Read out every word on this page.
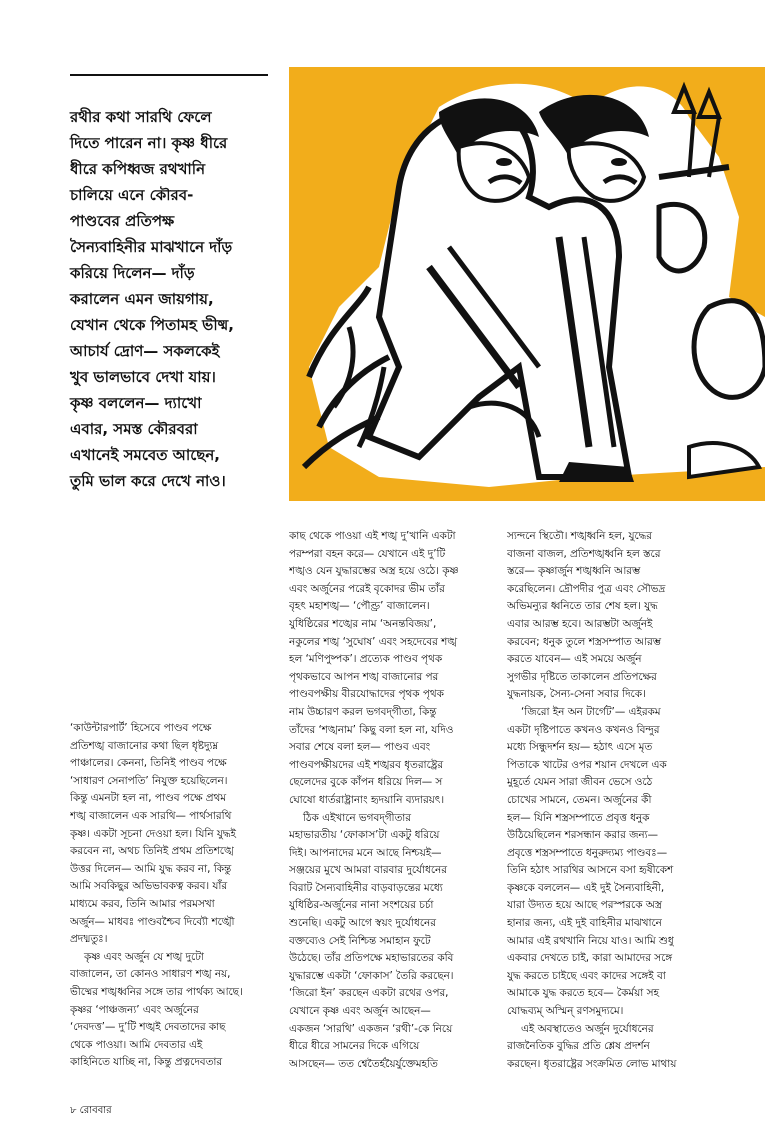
রথীর কথা সারথি ফেলে
দিতে পারেন না। কৃষ্ণ ধীরে
ধীরে কপিধ্বজ রথখানি
চালিয়ে এনে কৌরব-
পাণ্ডবের প্রতিপক্ষ
সৈন্যবাহিনীর মাঝখানে দাঁড়
করিয়ে দিলেন— দাঁড়
করালেন এমন জায়গায়,
যেখান থেকে পিতামহ ভীষ্ম,
আচার্য দ্রোণ— সকলকেই
খুব ভালভাবে দেখা যায়।
কৃষ্ণ বললেন— দ্যাখো
এবার, সমস্ত কৌরবরা
এখানেই সমবেত আছেন,
তুমি ভাল করে দেখে নাও।
‘কাউন্টারপার্ট’ হিসেবে পাণ্ডব পক্ষে
প্রতিশঙ্খ বাজানোর কথা ছিল ধৃষ্টদ্যুম্ন
পাঞ্চালের। কেননা, তিনিই পাণ্ডব পক্ষে
‘সাধারণ সেনাপতি’ নিযুক্ত হয়েছিলেন।
কিন্তু এমনটা হল না, পাণ্ডব পক্ষে প্রথম
শঙ্খ বাজালেন এক সারথি— পার্থসারথি
কৃষ্ণ। একটা সূচনা দেওয়া হল। যিনি যুদ্ধই
করবেন না, অথচ তিনিই প্রথম প্রতিশঙ্খে
উত্তর দিলেন— আমি যুদ্ধ করব না, কিন্তু
আমি সবকিছুর অভিভাবকত্ব করব। যাঁর
মাধ্যমে করব, তিনি আমার পরমসখা
অর্জুন— মাধবঃ পাণ্ডবশ্চৈব দিব্যৌ শঙ্খৌ
প্রদধ্মতুঃ।
কৃষ্ণ এবং অর্জুন যে শঙ্খ দুটো
বাজালেন, তা কোনও সাধারণ শঙ্খ নয়,
ভীষ্মের শঙ্খধ্বনির সঙ্গে তার পার্থক্য আছে।
কৃষ্ণর ‘পাঞ্চজন্য’ এবং অর্জুনের
‘দেবদত্ত’— দু’টি শঙ্খই দেবতাদের কাছ
থেকে পাওয়া। আমি দেবতার এই
কাহিনিতে যাচ্ছি না, কিন্তু প্রত্নদেবতার
কাছ থেকে পাওয়া এই শঙ্খ দু’খানি একটা
পরম্পরা বহন করে— যেখানে এই দু’টি
শঙ্খও যেন যুদ্ধারম্ভের অস্ত্র হয়ে ওঠে। কৃষ্ণ
এবং অর্জুনের পরেই বৃকোদর ভীম তাঁর
বৃহৎ মহাশঙ্খ— ‘পৌণ্ড্র’ বাজালেন।
যুধিষ্ঠিরের শঙ্খের নাম ‘অনন্তবিজয়’,
নকুলের শঙ্খ ‘সুঘোষ’ এবং সহদেবের শঙ্খ
হল ‘মণিপুষ্পক’। প্রত্যেক পাণ্ডব পৃথক
পৃথকভাবে আপন শঙ্খ বাজানোর পর
পাণ্ডবপক্ষীয় বীরযোদ্ধাদের পৃথক পৃথক
নাম উচ্চারণ করল ভগবদ্‌গীতা, কিন্তু
তাঁদের ‘শঙ্খনাম’ কিছু বলা হল না, যদিও
সবার শেষে বলা হল— পাণ্ডব এবং
পাণ্ডবপক্ষীয়দের এই শঙ্খরব ধৃতরাষ্ট্রের
ছেলেদের বুকে কাঁপন ধরিয়ে দিল— স
ঘোষো ধার্তরাষ্ট্রানাং হৃদয়ানি ব্যদারয়ৎ।
ঠিক এইখানে ভগবদ্‌গীতার
মহাভারতীয় ‘ফোকাস’টা একটু ধরিয়ে
দিই। আপনাদের মনে আছে নিশ্চয়ই—
সঞ্জয়ের মুখে আমরা বারবার দুর্যোধনের
বিরাট সৈন্যবাহিনীর বাড়বাড়ন্তের মধ্যে
যুধিষ্ঠির-অর্জুনের নানা সংশয়ের চর্চা
শুনেছি। একটু আগে স্বয়ং দুর্যোধনের
বক্তব্যেও সেই নিশ্চিন্ত সমাহান ফুটে
উঠেছে। তাঁর প্রতিপক্ষে মহাভারতের কবি
যুদ্ধারম্ভে একটা ‘ফোকাস’ তৈরি করছেন।
‘জিরো ইন’ করছেন একটা রথের ওপর,
যেখানে কৃষ্ণ এবং অর্জুন আছেন—
একজন ‘সারথি’ একজন ‘রথী’-কে নিয়ে
ধীরে ধীরে সামনের দিকে এগিয়ে
আসছেন— তত শ্বেতৈর্হয়ৈর্যুক্তেমহতি
স্যন্দনে স্থিতৌ। শঙ্খধ্বনি হল, যুদ্ধের
বাজনা বাজল, প্রতিশঙ্খধ্বনি হল স্তরে
স্তরে— কৃষ্ণার্জুন শঙ্খধ্বনি আরম্ভ
করেছিলেন। দ্রৌপদীর পুত্র এবং সৌভদ্র
অভিমন্যুর ধ্বনিতে তার শেষ হল। যুদ্ধ
এবার আরম্ভ হবে। আরম্ভটা অর্জুনই
করবেন; ধনুক তুলে শস্ত্রসম্পাত আরম্ভ
করতে যাবেন— এই সময়ে অর্জুন
সুগভীর দৃষ্টিতে তাকালেন প্রতিপক্ষের
যুদ্ধনায়ক, সৈন্য-সেনা সবার দিকে।
‘জিরো ইন অন টার্গেট’— এইরকম
একটা দৃষ্টিপাতে কখনও কখনও বিন্দুর
মধ্যে সিন্ধুদর্শন হয়— হঠাৎ এসে মৃত
পিতাকে খাটের ওপর শয়ান দেখলে এক
মুহূর্তে যেমন সারা জীবন ভেসে ওঠে
চোখের সামনে, তেমন। অর্জুনের কী
হল— যিনি শস্ত্রসম্পাতে প্রবৃত্ত ধনুক
উঠিয়েছিলেন শরসন্ধান করার জন্য—
প্রবৃত্তে শস্ত্রসম্পাতে ধনুরুদ্যম্য পাণ্ডবঃ—
তিনি হঠাৎ সারথির আসনে বসা হৃষীকেশ
কৃষ্ণকে বললেন— এই দুই সৈন্যবাহিনী,
যারা উদ্যত হয়ে আছে পরস্পরকে অস্ত্র
হানার জন্য, এই দুই বাহিনীর মাঝখানে
আমার এই রথখানি নিয়ে যাও। আমি শুধু
একবার দেখতে চাই, কারা আমাদের সঙ্গে
যুদ্ধ করতে চাইছে এবং কাদের সঙ্গেই বা
আমাকে যুদ্ধ করতে হবে— কৈর্ময়া সহ
যোদ্ধব্যম্‌ অস্মিন্‌ রণসমুদ্যমে।
এই অবস্থাতেও অর্জুন দুর্যোধনের
রাজনৈতিক বুদ্ধির প্রতি শ্লেষ প্রদর্শন
করছেন। ধৃতরাষ্ট্রের সংক্রমিত লোভ মাথায়
৮ রোববার
